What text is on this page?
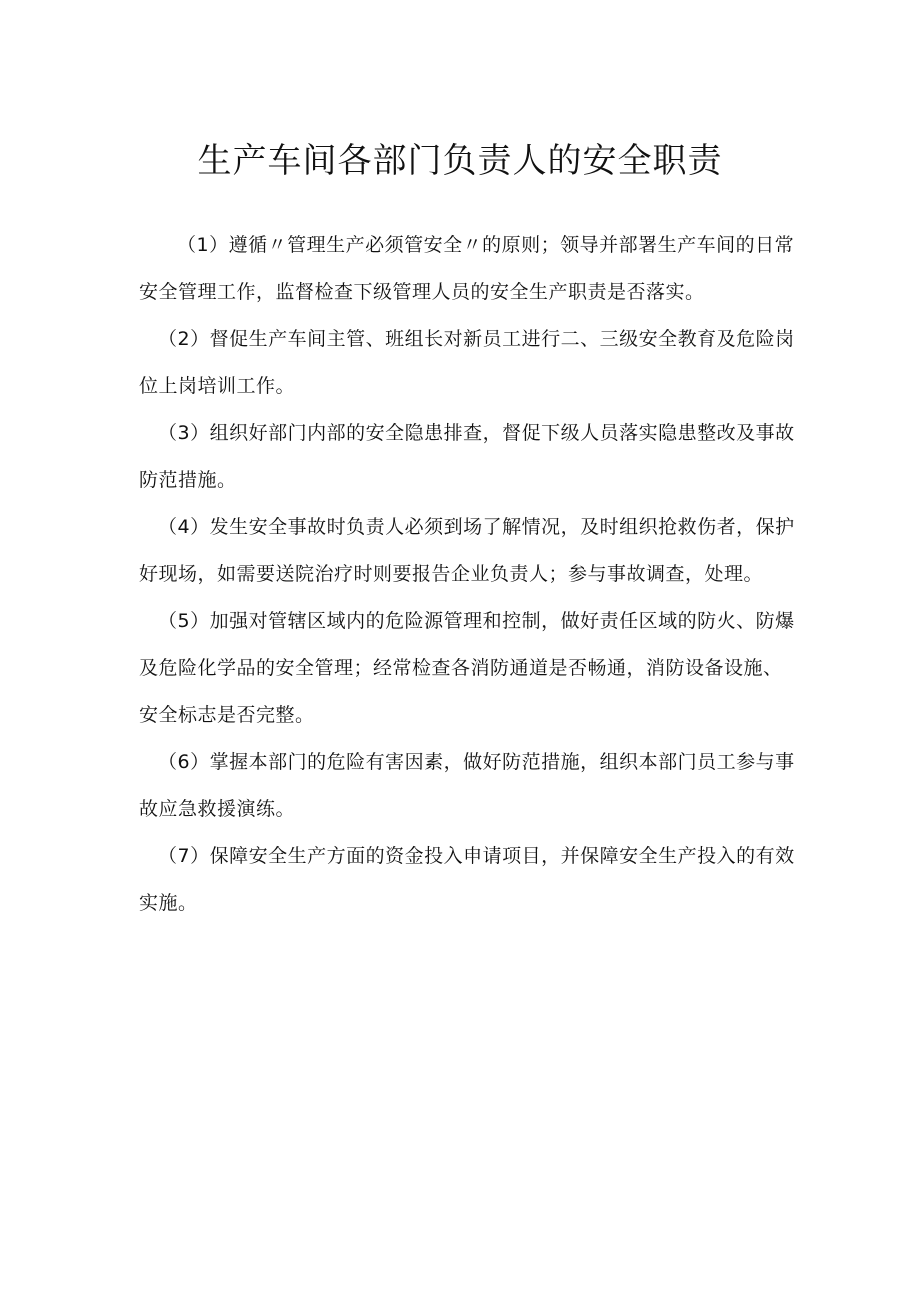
生产车间各部门负责人的安全职责

（1）遵循〃管理生产必须管安全〃的原则；领导并部署生产车间的日常安全管理工作，监督检查下级管理人员的安全生产职责是否落实。

（2）督促生产车间主管、班组长对新员工进行二、三级安全教育及危险岗位上岗培训工作。

（3）组织好部门内部的安全隐患排查，督促下级人员落实隐患整改及事故防范措施。

（4）发生安全事故时负责人必须到场了解情况，及时组织抢救伤者，保护好现场，如需要送院治疗时则要报告企业负责人；参与事故调查，处理。

（5）加强对管辖区域内的危险源管理和控制，做好责任区域的防火、防爆及危险化学品的安全管理；经常检查各消防通道是否畅通，消防设备设施、安全标志是否完整。

（6）掌握本部门的危险有害因素，做好防范措施，组织本部门员工参与事故应急救援演练。

（7）保障安全生产方面的资金投入申请项目，并保障安全生产投入的有效实施。
